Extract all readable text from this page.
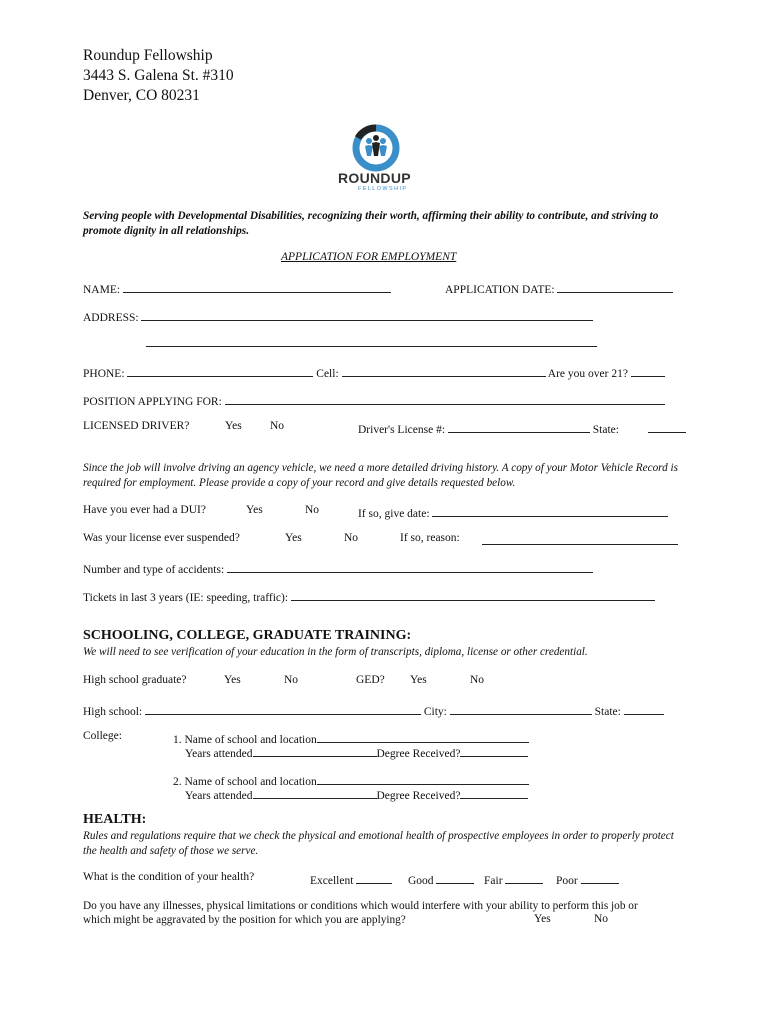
Roundup Fellowship
3443 S. Galena St. #310
Denver, CO 80231
ROUNDUP
FELLOWSHIP
Serving people with Developmental Disabilities, recognizing their worth, affirming their ability to contribute, and striving to promote dignity in all relationships.
APPLICATION FOR EMPLOYMENT
NAME:	APPLICATION DATE:
ADDRESS:
PHONE:	Cell:	Are you over 21?
POSITION APPLYING FOR:
LICENSED DRIVER?	Yes No	Driver's License #:	State:
Since the job will involve driving an agency vehicle, we need a more detailed driving history. A copy of your Motor Vehicle Record is required for employment. Please provide a copy of your record and give details requested below.
Have you ever had a DUI?	Yes	No	If so, give date:
Was your license ever suspended?	Yes	No	If so, reason:
Number and type of accidents:
Tickets in last 3 years (IE: speeding, traffic):
SCHOOLING, COLLEGE, GRADUATE TRAINING:
We will need to see verification of your education in the form of transcripts, diploma, license or other credential.
High school graduate?	Yes	No	GED? Yes	No
High school:	City:	State:
College:	1. Name of school and location
Years attended	Degree Received?
2. Name of school and location
Years attended	Degree Received?
HEALTH:
Rules and regulations require that we check the physical and emotional health of prospective employees in order to properly protect the health and safety of those we serve.
What is the condition of your health?	Excellent	Good	Fair	Poor
Do you have any illnesses, physical limitations or conditions which would interfere with your ability to perform this job or which might be aggravated by the position for which you are applying?	Yes	No
